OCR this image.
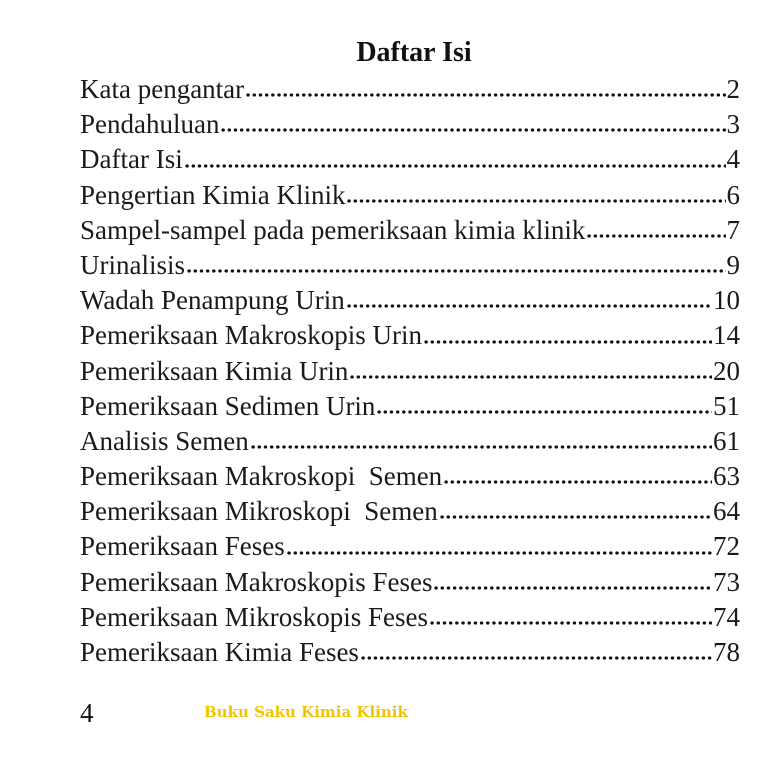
Daftar Isi
Kata pengantar	2
Pendahuluan	3
Daftar Isi	4
Pengertian Kimia Klinik	6
Sampel-sampel pada pemeriksaan kimia klinik	7
Urinalisis	9
Wadah Penampung Urin	10
Pemeriksaan Makroskopis Urin	14
Pemeriksaan Kimia Urin	20
Pemeriksaan Sedimen Urin	51
Analisis Semen	61
Pemeriksaan Makroskopi  Semen	63
Pemeriksaan Mikroskopi  Semen	64
Pemeriksaan Feses	72
Pemeriksaan Makroskopis Feses	73
Pemeriksaan Mikroskopis Feses	74
Pemeriksaan Kimia Feses	78
4	Buku Saku Kimia Klinik
